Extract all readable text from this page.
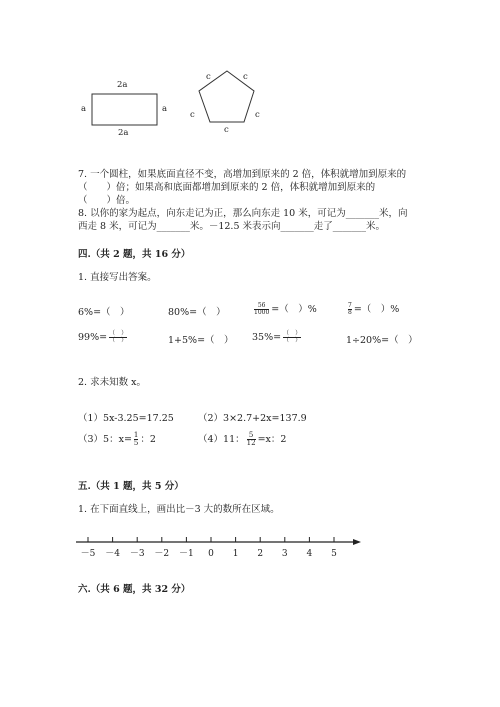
2a
a	a
2a
c	c
c	c
c
7. 一个圆柱，如果底面直径不变，高增加到原来的 2 倍，体积就增加到原来的
（　　）倍；如果高和底面都增加到原来的 2 倍，体积就增加到原来的
（　　）倍。
8. 以你的家为起点，向东走记为正，那么向东走 10 米，可记为_______米，向
西走 8 米，可记为_______米。－12.5 米表示向_______走了_______米。
四.（共 2 题，共 16 分）
1. 直接写出答案。
6%=（　）	80%=（　）	$\frac{56}{1000}$ =（　）%	$\frac{7}{8}$ =（　）%
$99\%= \frac{( )}{( )}$	1+5%=（　） $35\%= \frac{( )}{( )}$	1÷20%=（　）
2. 求未知数 x。
（1）5x-3.25=17.25	（2）3×2.7+2x=137.9
（3）5：$x= \frac{1}{5}$ ：2	（4）11： $\frac{5}{12} =x$：2
五.（共 1 题，共 5 分）
1. 在下面直线上，画出比－3 大的数所在区域。
－5 －4 －3 －2 －1 0 1 2 3 4 5
六.（共 6 题，共 32 分）
